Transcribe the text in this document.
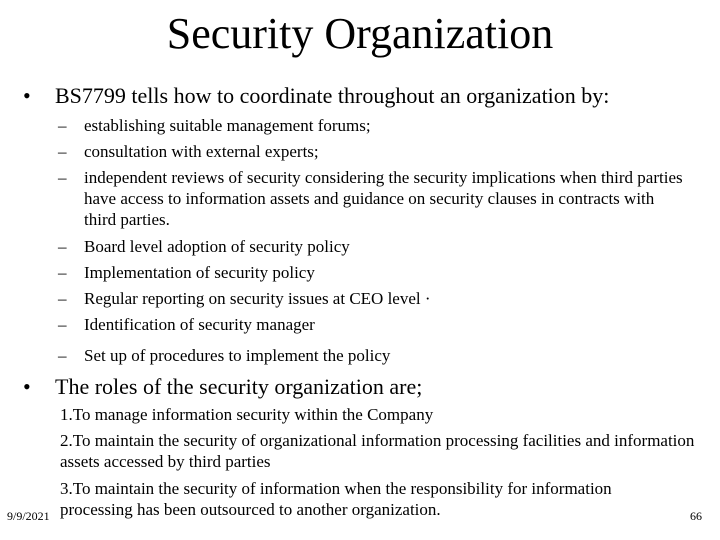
Security Organization
• BS7799 tells how to coordinate throughout an organization by:
– establishing suitable management forums;
– consultation with external experts;
– independent reviews of security considering the security implications when third parties have access to information assets and guidance on security clauses in contracts with third parties.
– Board level adoption of security policy
– Implementation of security policy
– Regular reporting on security issues at CEO level ·
– Identification of security manager
– Set up of procedures to implement the policy
• The roles of the security organization are;
1.To manage information security within the Company
2.To maintain the security of organizational information processing facilities and information assets accessed by third parties
3.To maintain the security of information when the responsibility for information processing has been outsourced to another organization.
9/9/2021	66
